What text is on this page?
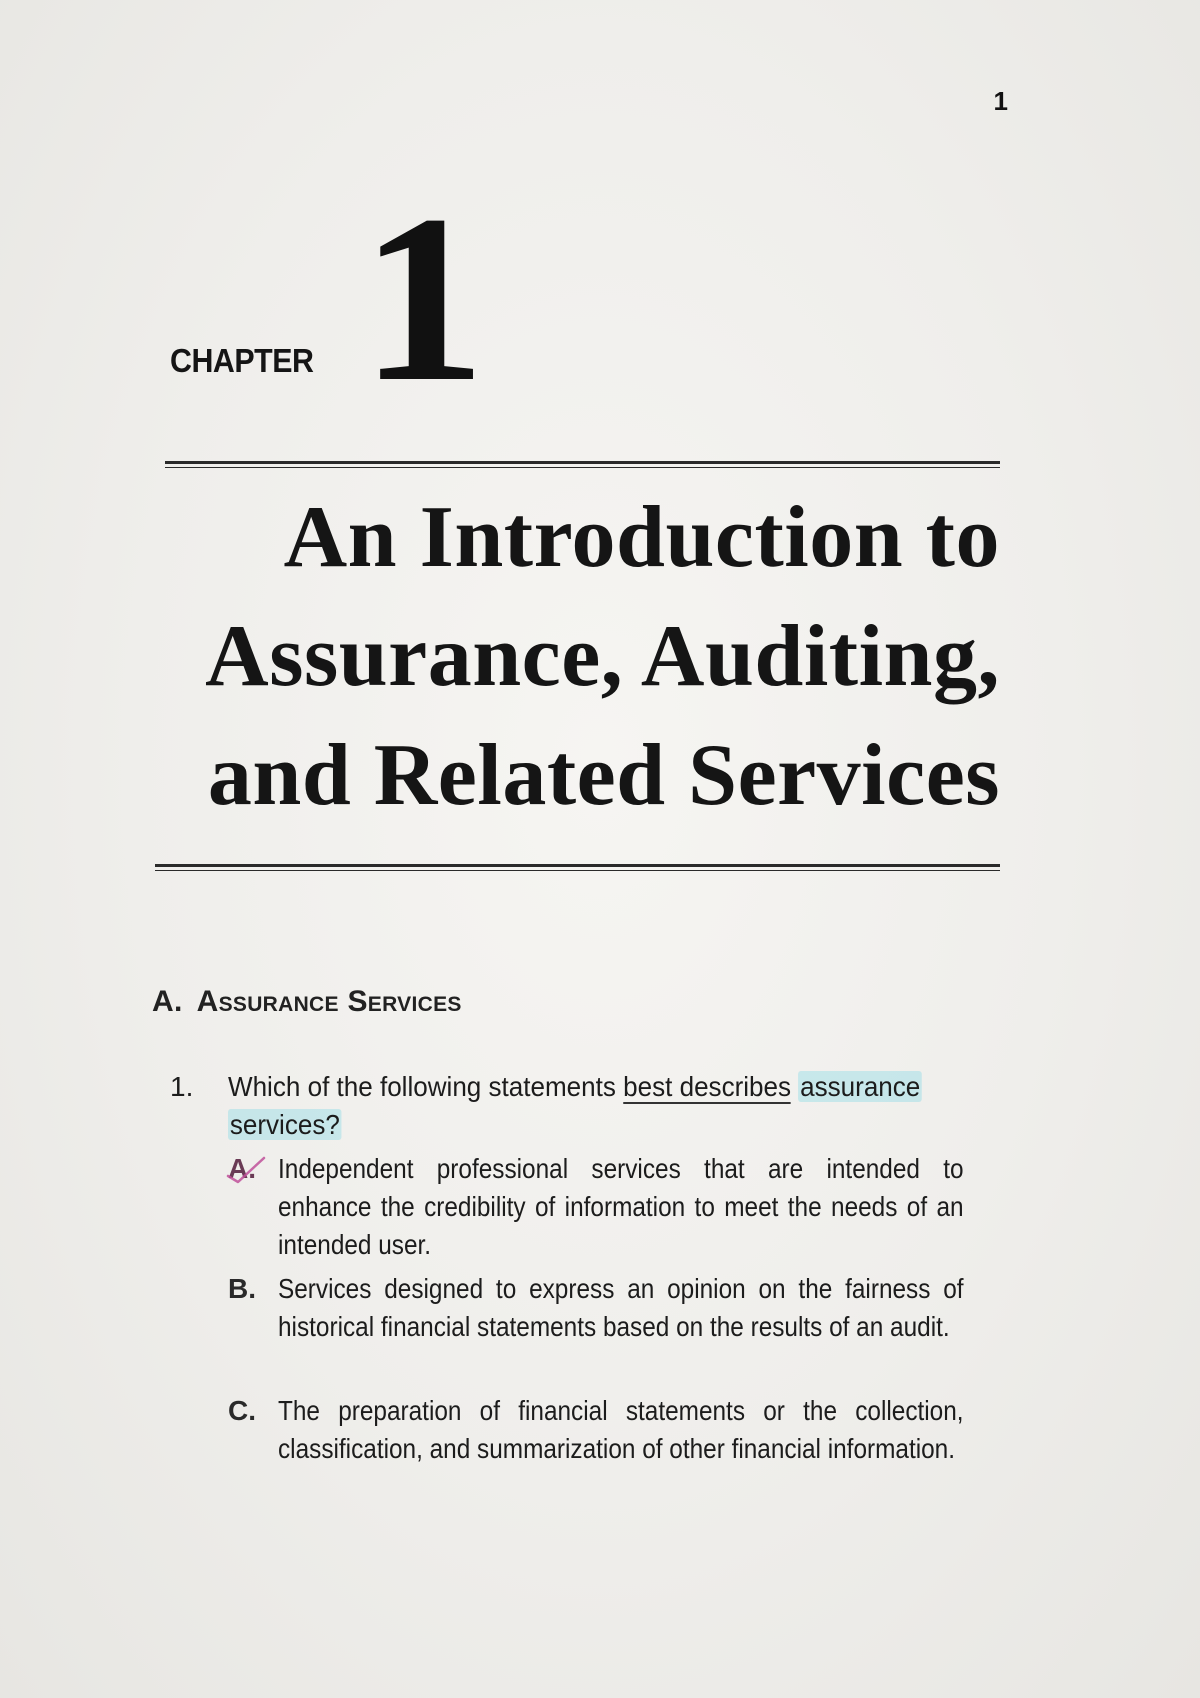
1
CHAPTER 1
An Introduction to
Assurance, Auditing,
and Related Services
A. Assurance Services
1.	Which of the following statements best describes assurance
services?
A. Independent professional services that are intended to enhance the credibility of information to meet the needs of an intended user.
B. Services designed to express an opinion on the fairness of historical financial statements based on the results of an audit.
C. The preparation of financial statements or the collection, classification, and summarization of other financial information.
